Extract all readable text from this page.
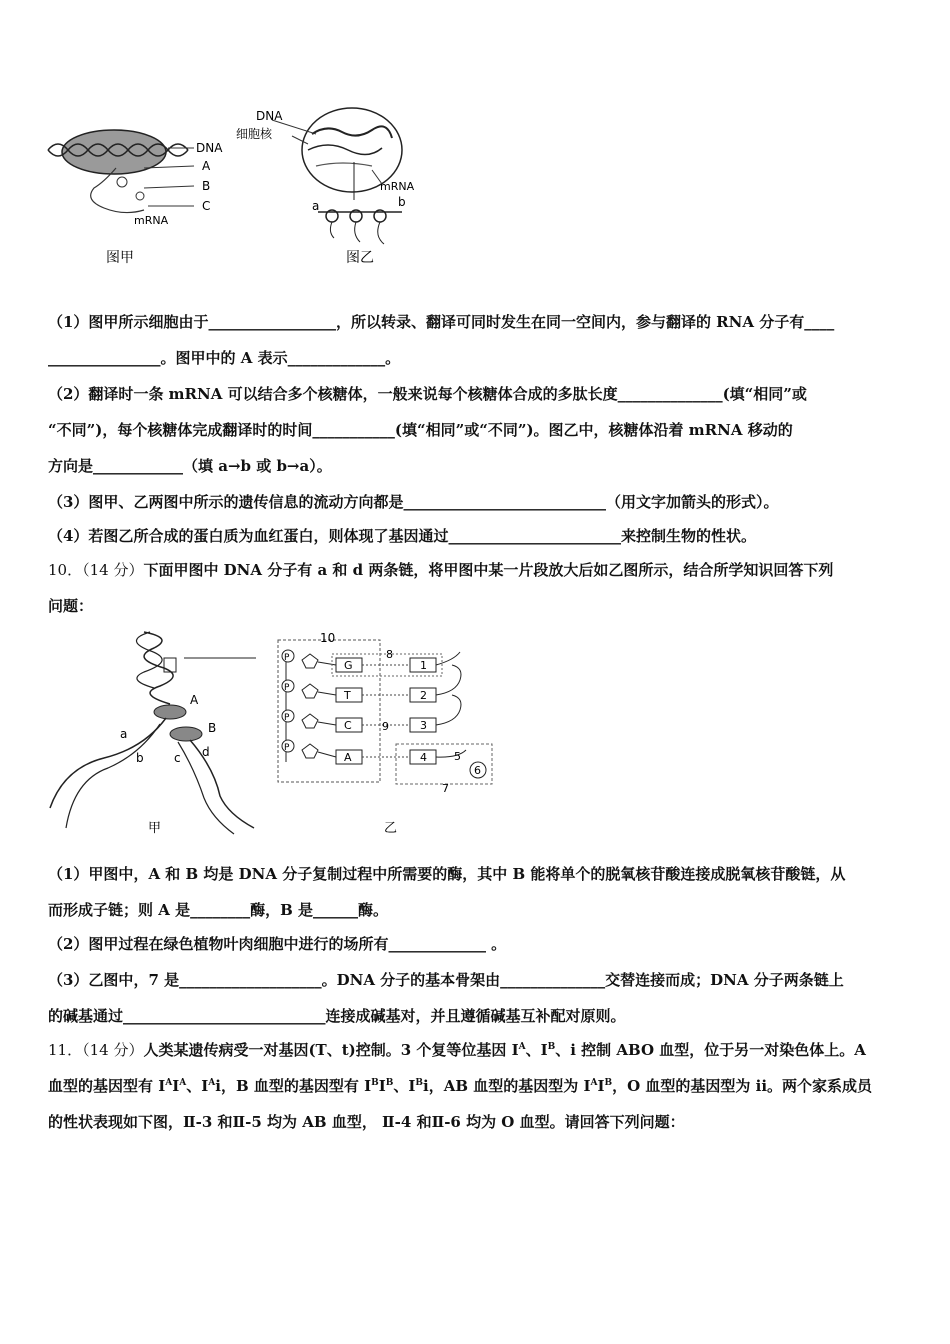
DNA
A
B
C
mRNA
图甲
DNA
细胞核
mRNA
a	b
图乙
（1）图甲所示细胞由于_________________，所以转录、翻译可同时发生在同一空间内，参与翻译的 RNA 分子有____
_______________。图甲中的 A 表示_____________。
（2）翻译时一条 mRNA 可以结合多个核糖体，一般来说每个核糖体合成的多肽长度______________(填“相同”或
“不同”)，每个核糖体完成翻译时的时间___________(填“相同”或“不同”)。图乙中，核糖体沿着 mRNA 移动的
方向是____________（填 a→b 或 b→a）。
（3）图甲、乙两图中所示的遗传信息的流动方向都是___________________________（用文字加箭头的形式）。
（4）若图乙所合成的蛋白质为血红蛋白，则体现了基因通过_______________________来控制生物的性状。
10．（14 分）下面甲图中 DNA 分子有 a 和 d 两条链，将甲图中某一片段放大后如乙图所示，结合所学知识回答下列
问题：
A
B
a
b	c d
甲
10
P
G	1
P
T	2
P
C	3
P
A	4
8
9
5
6
7
乙
（1）甲图中，A 和 B 均是 DNA 分子复制过程中所需要的酶，其中 B 能将单个的脱氧核苷酸连接成脱氧核苷酸链，从
而形成子链；则 A 是________酶，B 是______酶。
（2）图甲过程在绿色植物叶肉细胞中进行的场所有_____________ 。
（3）乙图中，7 是___________________。DNA 分子的基本骨架由______________交替连接而成；DNA 分子两条链上
的碱基通过___________________________连接成碱基对，并且遵循碱基互补配对原则。
11．（14 分）人类某遗传病受一对基因(T、t)控制。3 个复等位基因 $I^A$、$I^B$、i 控制 ABO 血型，位于另一对染色体上。A
血型的基因型有 $I^AI^A$、$I^Ai$，B 血型的基因型有 $I^BI^B$、$I^Bi$，AB 血型的基因型为 $I^AI^B$，O 血型的基因型为 ii。两个家系成员
的性状表现如下图，Ⅱ-3 和Ⅱ-5 均为 AB 血型， Ⅱ-4 和Ⅱ-6 均为 O 血型。请回答下列问题：
